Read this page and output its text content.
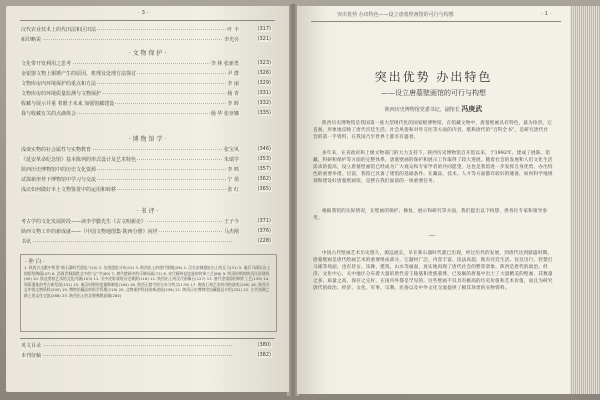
· 3 ·
汉代农业技术上的代田法和区田法	叶 丰	(317)
拓印略说	李光亮	(321)
· 文 物 保 护 ·
文化带开发利用之思考	李 林 张新勇	(323)
金银器文物上铜锈产生的原因、机理及处理方法探讨	尹 群	(326)
文物库房内环境保护的重点和方法	李 丽	(329)
文物库房的环境质量监测与文物保护	杨 青	(331)
收藏与展示并重 着眼于未来 加强馆藏建设	李 晖	(332)
我与收藏有关的点滴体会	杨 华 张亚娜	(335)
· 博 物 馆 学 ·
浅谈实物的社会属性与实物教育	张宝风	(346)
《延安革命纪念馆》基本陈列的形式设计及艺术特色	朱瑞学	(353)
陕西历史博物馆中的历史文化资源	李 鸣	(357)
试探新形势下博物馆中学习与交流	宁 倩	(362)
浅议如何做好本土文物鉴赏中的运用和转移	张 红	(365)
· 书 评 ·
考古学的文化发展阶段——读李学勤先生《古文明新论》	王子今	(371)
陕西文物工作的新成就——《中国文物地图集·陕西分册》问世	马杰刚	(376)
书讯	(228)
· 补 白 ·
1. 陕西古文献中所见“新石器时代遗址”(10) 2. 各类遗址分布(15) 3. 陕西出土的唐代铜镜(26) 4. 汉长安城遗址出土的瓦当(31) 5. 秦兵马俑坑出土的彩绘陶俑(47) 6. 西周青铜器铭文中的“宝”字(60) 7. 唐代壁画中的乐舞场面(72) 8. 宋代耀州窑瓷器的装饰工艺(88) 9. 明清时期的陕西民居建筑(95) 10. 陕北剪纸艺术的文化内涵(103) 11. 关中皮影戏的历史渊源(118) 12. 陕西出土的汉代画像石(127) 13. 唐代金银器的制作工艺(139) 14. 周原遗址的考古新发现(151) 15. 秦汉时期的度量衡制度(164) 16. 陕西石窟寺的分布与特点(178) 17. 唐陵石刻艺术的风格演变(190) 18. 陕西方志中的文物资料(205) 19. 博物馆藏品的科学管理(219) 20. 文物保护科技的新进展(236) 21. 陕西历史博物馆馆藏精品介绍(252) 22. 古代丝绸之路上的文化交流(268) 23. 陕西出土的北朝佛教造像(284)
英文目录	(380)
本刊征稿	(382)
突出优势 办出特色——设立唐墓壁画馆的可行与构想	· 1 ·
突出优势 办出特色
——设立唐墓壁画馆的可行与构想
陕西历史博物馆党委书记、副馆长 冯庚武
陕西历史博物馆是我国第一座大型现代化的国家级博物馆，在馆藏文物中，唐墓壁画具有特色，最为珍贵，它直观、形象地反映了唐代宫廷生活、社会风俗和对外交往等方面的内容，堪称唐代的“百科全书”，是研究唐代社会的第一手资料，在我国乃至世界上都享有盛誉。
多年来，在省政府和上级文物部门的大力支持下，陕西历史博物馆自开馆以来，于1992年、建成了展陈、馆藏、科研和保护等方面的完整体系，唐墓壁画的保护和展示工作取得了较大进展。随着社会的发展和人们文化生活需求的提高，设立唐墓壁画馆已经成为广大观众和专家学者的共同愿望，这也是我馆进一步发挥自身优势、办出特色的重要举措。目前，我馆已具备了建馆的基础条件，在藏品、技术、人才等方面都有较好的储备，如何科学地规划和建设好唐墓壁画馆，是摆在我们面前的一项重要任务。
根据我馆的实际情况，在壁画的保护、修复、展示和研究等方面，我们提出以下构想，供各位专家和领导参考。
—
中国古代壁画艺术历史悠久，源远流长，早在新石器时代就已出现，经过历代的发展，到唐代达到鼎盛时期。唐墓壁画是唐代绘画艺术的重要组成部分，它题材广泛、内容丰富、技法高超，既有宫廷生活、仪仗出行、狩猎打马球等场面，也有侍女、乐舞、建筑、山水等画面，真实地再现了唐代社会的繁荣景象。陕西是唐代的政治、经济、文化中心，关中地区分布着大量的唐代帝王陵墓和贵族墓葬，已发掘的唐墓中出土了大量精美的壁画，其数量之多、质量之高、保存之完好，在国内外都是罕见的。这些壁画不仅具有极高的历史价值和艺术价值，而且为研究唐代的政治、经济、文化、军事、宗教、民俗以及中外文化交流提供了极其珍贵的实物资料。
